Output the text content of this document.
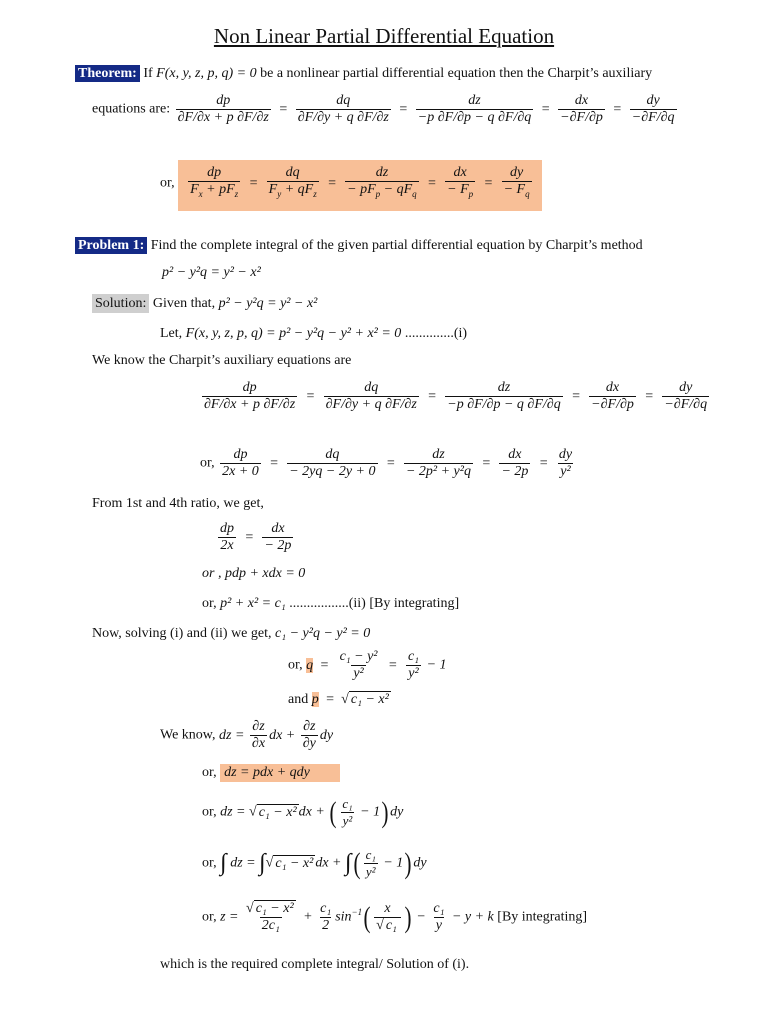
Non Linear Partial Differential Equation
Theorem: If F(x, y, z, p, q) = 0 be a nonlinear partial differential equation then the Charpit’s auxiliary
equations are: $\frac{dp}{\partial F/\partial x + p \partial F/\partial z} = \frac{dq}{\partial F/\partial y + q \partial F/\partial z} = \frac{dz}{-p \partial F/\partial p - q \partial F/\partial q} = \frac{dx}{-\partial F/\partial p} = \frac{dy}{-\partial F/\partial q}$
or, $\frac{dp}{F_x + pF_z} = \frac{dq}{F_y + qF_z} = \frac{dz}{- pF_p - qF_q} = \frac{dx}{- F_p} = \frac{dy}{- F_q}$
Problem 1: Find the complete integral of the given partial differential equation by Charpit’s method
p² − y²q = y² − x²
Solution: Given that, p² − y²q = y² − x²
Let, F(x, y, z, p, q) = p² − y²q − y² + x² = 0 ..............(i)
We know the Charpit’s auxiliary equations are
$\frac{dp}{\partial F/\partial x + p \partial F/\partial z} = \frac{dq}{\partial F/\partial y + q \partial F/\partial z} = \frac{dz}{-p \partial F/\partial p - q \partial F/\partial q} = \frac{dx}{-\partial F/\partial p} = \frac{dy}{-\partial F/\partial q}$
or, $\frac{dp}{2x + 0} = \frac{dq}{- 2yq - 2y + 0} = \frac{dz}{\text{− 2p² + y²q}} = \frac{dx}{- 2p} = \frac{dy}{\text{y²}}$
From 1st and 4th ratio, we get,
$\frac{dp}{2x} = \frac{dx}{- 2p}$
or , pdp + xdx = 0
or, p² + x² = c₁ .................(ii) [By integrating]
Now, solving (i) and (ii) we get, c₁ − y²q − y² = 0
or, $q = \frac{\text{c₁ − y²}}{\text{y²}} = \frac{\text{c₁}}{\text{y²}} - 1$
and p = √ c₁ − x²
We know, dz = $\frac{\partial z}{\partial x}$ dx + $\frac{\partial z}{\partial y}$ dy
or, dz = pdx + qdy
or, dz = √ c₁ − x² dx + ( $\frac{\text{c₁}}{\text{y²}} - 1$) dy
or, ∫ dz = ∫√ c₁ − x² dx + ∫( $\frac{\text{c₁}}{\text{y²}} - 1$) dy
or, $z = \frac{\text{√ c₁ − x²}}{\text{2c₁}} + \frac{\text{c₁}}{2} \sin^{-1}( \frac{x}{\text{√ c₁}}$ ) − $\frac{\text{c₁}}{y} - y + k$ [By integrating]
which is the required complete integral/ Solution of (i).
